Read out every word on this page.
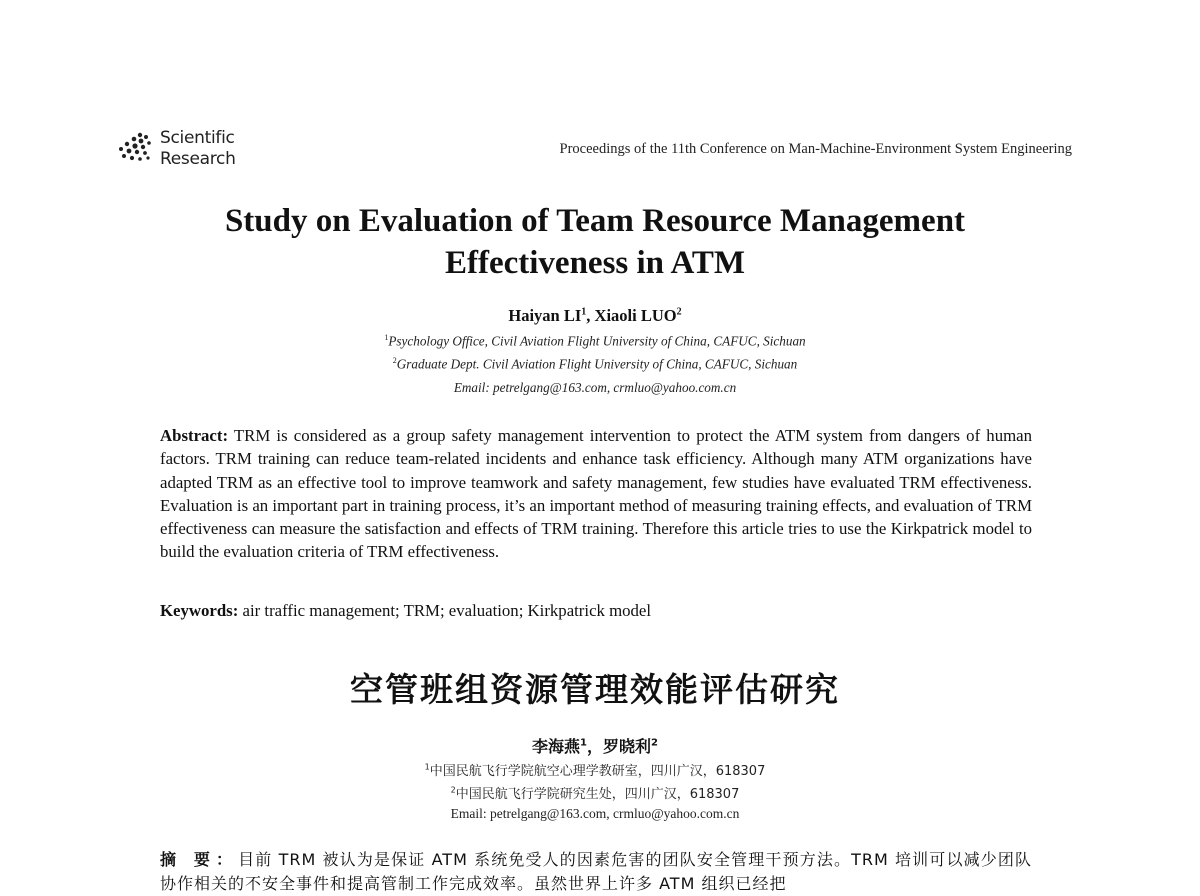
Scientific
Research	Proceedings of the 11th Conference on Man-Machine-Environment System Engineering
Study on Evaluation of Team Resource Management
Effectiveness in ATM
Haiyan $LI^1$, Xiaoli LUO$^2$
$^1$Psychology Office, Civil Aviation Flight University of China, CAFUC, Sichuan
$^2$Graduate Dept. Civil Aviation Flight University of China, CAFUC, Sichuan
Email: petrelgang@163.com, crmluo@yahoo.com.cn
Abstract: TRM is considered as a group safety management intervention to protect the ATM system from dangers of human factors. TRM training can reduce team-related incidents and enhance task efficiency. Although many ATM organizations have adapted TRM as an effective tool to improve teamwork and safety management, few studies have evaluated TRM effectiveness. Evaluation is an important part in training process, it’s an important method of measuring training effects, and evaluation of TRM effectiveness can measure the satisfaction and effects of TRM training. Therefore this article tries to use the Kirkpatrick model to build the evaluation criteria of TRM effectiveness.
Keywords: air traffic management; TRM; evaluation; Kirkpatrick model
空管班组资源管理效能评估研究
李海燕$^1$，罗晓利$^2$
$^1$中国民航飞行学院航空心理学教研室，四川广汉，618307
$^2$中国民航飞行学院研究生处，四川广汉，618307
Email: petrelgang@163.com, crmluo@yahoo.com.cn
摘 要：目前 TRM 被认为是保证 ATM 系统免受人的因素危害的团队安全管理干预方法。TRM 培训可以减少团队协作相关的不安全事件和提高管制工作完成效率。虽然世界上许多 ATM 组织已经把
